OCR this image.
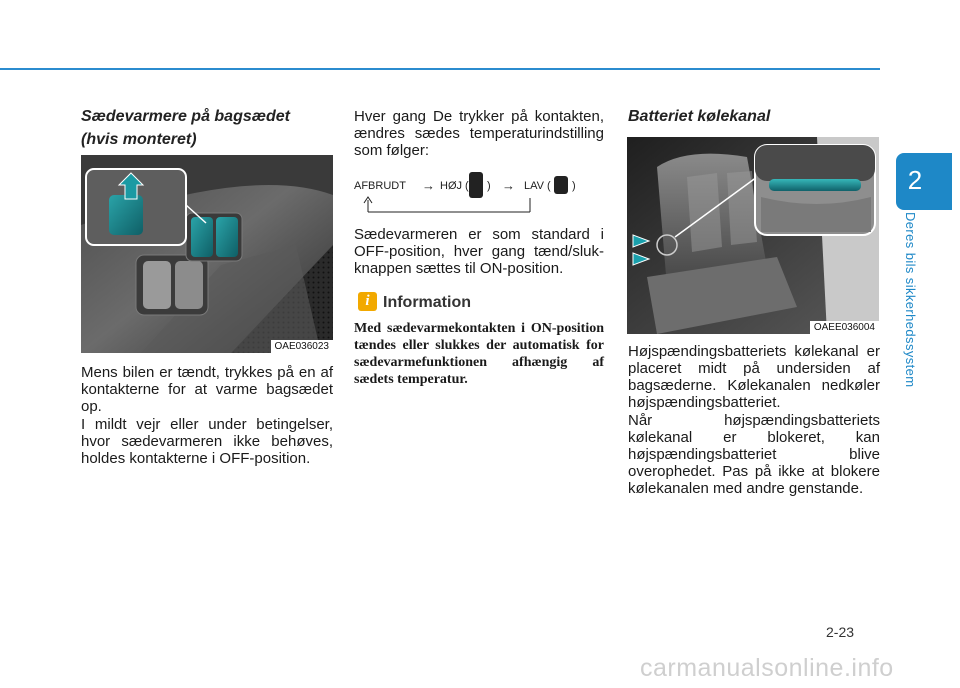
2
Deres bils sikkerhedssystem
Sædevarmere på bagsædet
(hvis monteret)
OAE036023

Mens bilen er tændt, trykkes på en af kontakterne for at varme bagsædet op.

I mildt vejr eller under betingelser, hvor sædevarmeren ikke behøves, holdes kontakterne i OFF-position.

Hver gang De trykker på kontakten, ændres sædes temperaturindstilling som følger:

AFBRUDT → HØJ ( ) → LAV ( )

Sædevarmeren er som standard i OFF-position, hver gang tænd/sluk-knappen sættes til ON-position.

i Information

Med sædevarmekontakten i ON-position tændes eller slukkes der automatisk for sædevarmefunktionen afhængig af sædets temperatur.

Batteriet kølekanal
OAEE036004

Højspændingsbatteriets kølekanal er placeret midt på undersiden af bagsæderne. Kølekanalen nedkøler højspændingsbatteriet.

Når højspændingsbatteriets kølekanal er blokeret, kan højspændingsbatteriet blive overophedet. Pas på ikke at blokere kølekanalen med andre genstande.

2-23
carmanualsonline.info
